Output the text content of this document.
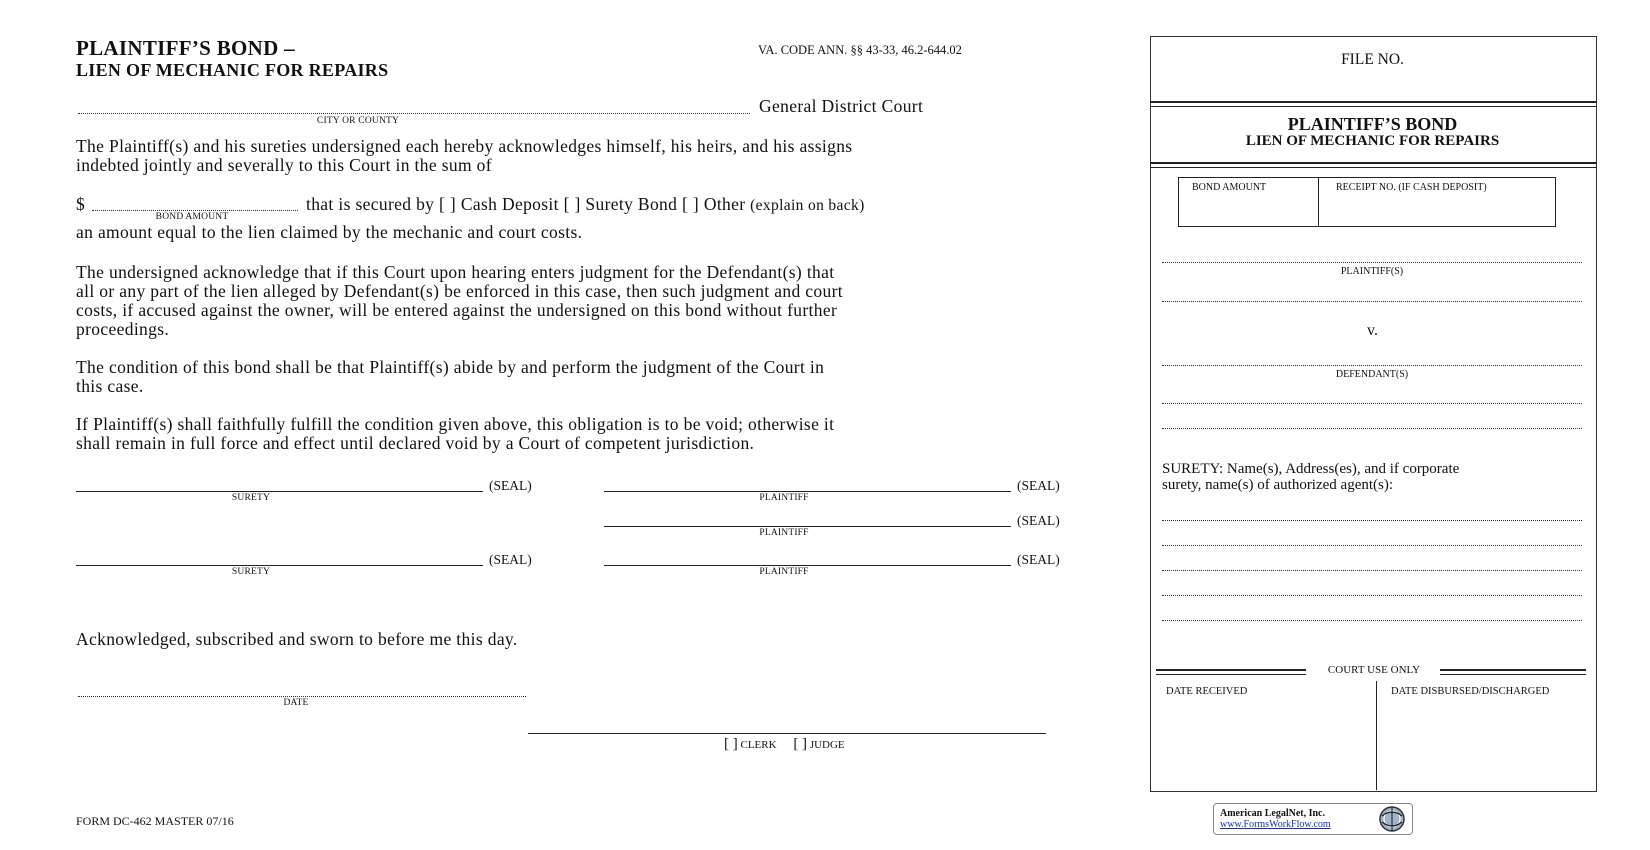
PLAINTIFF’S BOND –
LIEN OF MECHANIC FOR REPAIRS
VA. CODE ANN. §§ 43-33, 46.2-644.02
General District Court
CITY OR COUNTY
The Plaintiff(s) and his sureties undersigned each hereby acknowledges himself, his heirs, and his assigns
indebted jointly and severally to this Court in the sum of
$
BOND AMOUNT
that is secured by [ ] Cash Deposit [ ] Surety Bond [ ] Other (explain on back)
an amount equal to the lien claimed by the mechanic and court costs.
The undersigned acknowledge that if this Court upon hearing enters judgment for the Defendant(s) that
all or any part of the lien alleged by Defendant(s) be enforced in this case, then such judgment and court
costs, if accused against the owner, will be entered against the undersigned on this bond without further
proceedings.
The condition of this bond shall be that Plaintiff(s) abide by and perform the judgment of the Court in
this case.
If Plaintiff(s) shall faithfully fulfill the condition given above, this obligation is to be void; otherwise it
shall remain in full force and effect until declared void by a Court of competent jurisdiction.
(SEAL)
SURETY
(SEAL)
PLAINTIFF
(SEAL)
PLAINTIFF
(SEAL)
SURETY
(SEAL)
PLAINTIFF
Acknowledged, subscribed and sworn to before me this day.
DATE
[ ] CLERK [ ] JUDGE
FORM DC-462 MASTER 07/16
American LegalNet, Inc.
www.FormsWorkFlow.com
FILE NO.
PLAINTIFF’S BOND
LIEN OF MECHANIC FOR REPAIRS
BOND AMOUNT	RECEIPT NO. (IF CASH DEPOSIT)
PLAINTIFF(S)
v.
DEFENDANT(S)
SURETY: Name(s), Address(es), and if corporate
surety, name(s) of authorized agent(s):
COURT USE ONLY
DATE RECEIVED	DATE DISBURSED/DISCHARGED
